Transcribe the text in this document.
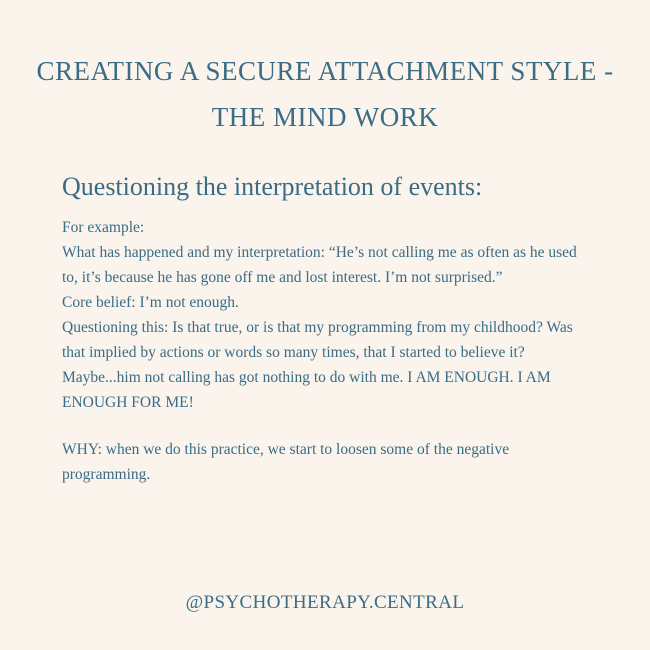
CREATING A SECURE ATTACHMENT STYLE - THE MIND WORK
Questioning the interpretation of events:

For example:

What has happened and my interpretation: “He’s not calling me as often as he used to, it’s because he has gone off me and lost interest. I’m not surprised.”

Core belief: I’m not enough.

Questioning this: Is that true, or is that my programming from my childhood? Was that implied by actions or words so many times, that I started to believe it?

Maybe...him not calling has got nothing to do with me. I AM ENOUGH. I AM ENOUGH FOR ME!

WHY: when we do this practice, we start to loosen some of the negative programming.

@PSYCHOTHERAPY.CENTRAL
